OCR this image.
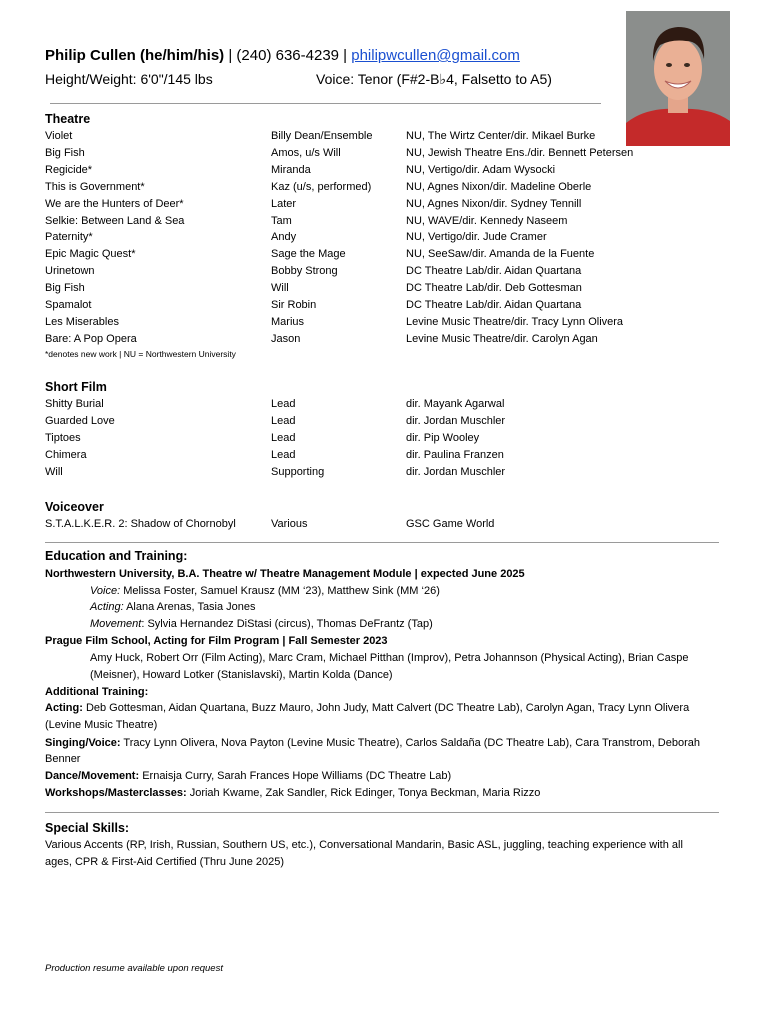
Philip Cullen (he/him/his) | (240) 636-4239 | philipwcullen@gmail.com
Height/Weight: 6'0"/145 lbs	Voice: Tenor (F#2-B♭4, Falsetto to A5)
Theatre
Violet	Billy Dean/Ensemble	NU, The Wirtz Center/dir. Mikael Burke
Big Fish	Amos, u/s Will	NU, Jewish Theatre Ens./dir. Bennett Petersen
Regicide*	Miranda	NU, Vertigo/dir. Adam Wysocki
This is Government*	Kaz (u/s, performed)	NU, Agnes Nixon/dir. Madeline Oberle
We are the Hunters of Deer*	Later	NU, Agnes Nixon/dir. Sydney Tennill
Selkie: Between Land & Sea	Tam	NU, WAVE/dir. Kennedy Naseem
Paternity*	Andy	NU, Vertigo/dir. Jude Cramer
Epic Magic Quest*	Sage the Mage	NU, SeeSaw/dir. Amanda de la Fuente
Urinetown	Bobby Strong	DC Theatre Lab/dir. Aidan Quartana
Big Fish	Will	DC Theatre Lab/dir. Deb Gottesman
Spamalot	Sir Robin	DC Theatre Lab/dir. Aidan Quartana
Les Miserables	Marius	Levine Music Theatre/dir. Tracy Lynn Olivera
Bare: A Pop Opera	Jason	Levine Music Theatre/dir. Carolyn Agan
*denotes new work | NU = Northwestern University
Short Film
Shitty Burial	Lead	dir. Mayank Agarwal
Guarded Love	Lead	dir. Jordan Muschler
Tiptoes	Lead	dir. Pip Wooley
Chimera	Lead	dir. Paulina Franzen
Will	Supporting	dir. Jordan Muschler
Voiceover
S.T.A.L.K.E.R. 2: Shadow of Chornobyl	Various	GSC Game World
Education and Training:
Northwestern University, B.A. Theatre w/ Theatre Management Module | expected June 2025
Voice: Melissa Foster, Samuel Krausz (MM ‘23), Matthew Sink (MM ‘26)
Acting: Alana Arenas, Tasia Jones
Movement: Sylvia Hernandez DiStasi (circus), Thomas DeFrantz (Tap)
Prague Film School, Acting for Film Program | Fall Semester 2023
Amy Huck, Robert Orr (Film Acting), Marc Cram, Michael Pitthan (Improv), Petra Johannson (Physical Acting), Brian Caspe
(Meisner), Howard Lotker (Stanislavski), Martin Kolda (Dance)
Additional Training:
Acting: Deb Gottesman, Aidan Quartana, Buzz Mauro, John Judy, Matt Calvert (DC Theatre Lab), Carolyn Agan, Tracy Lynn Olivera
(Levine Music Theatre)
Singing/Voice: Tracy Lynn Olivera, Nova Payton (Levine Music Theatre), Carlos Saldaña (DC Theatre Lab), Cara Transtrom, Deborah
Benner
Dance/Movement: Ernaisja Curry, Sarah Frances Hope Williams (DC Theatre Lab)
Workshops/Masterclasses: Joriah Kwame, Zak Sandler, Rick Edinger, Tonya Beckman, Maria Rizzo
Special Skills:
Various Accents (RP, Irish, Russian, Southern US, etc.), Conversational Mandarin, Basic ASL, juggling, teaching experience with all
ages, CPR & First-Aid Certified (Thru June 2025)
Production resume available upon request
